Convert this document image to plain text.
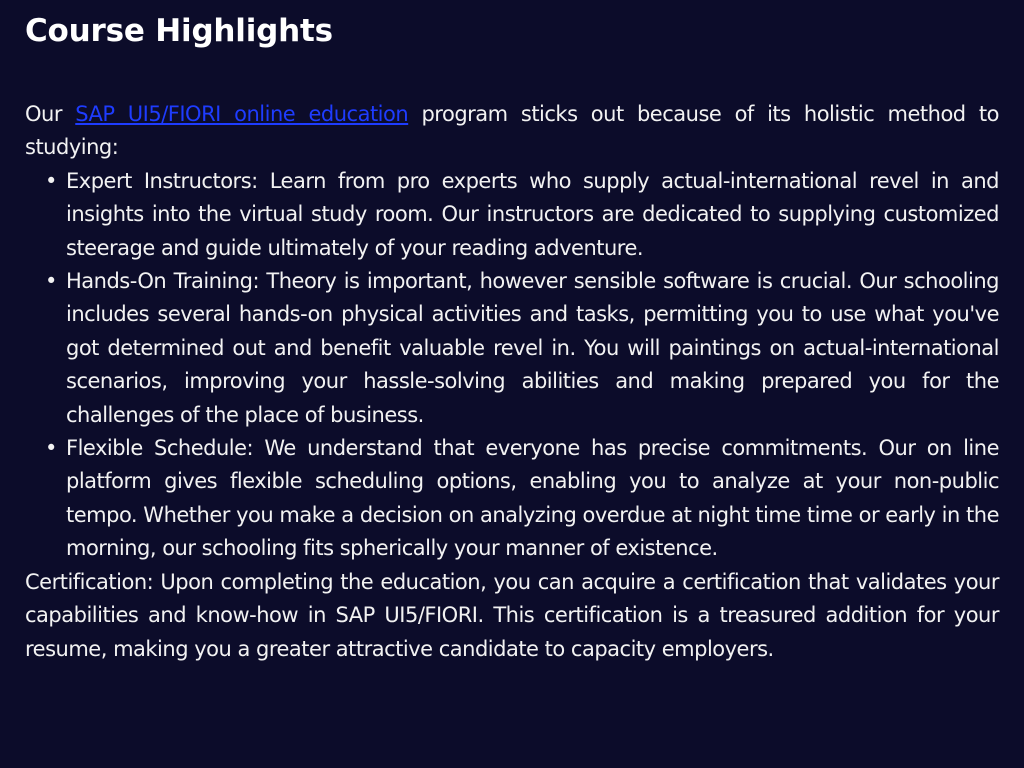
Course Highlights

Our SAP UI5/FIORI online education program sticks out because of its holistic method to studying:

• Expert Instructors: Learn from pro experts who supply actual-international revel in and insights into the virtual study room. Our instructors are dedicated to supplying customized steerage and guide ultimately of your reading adventure.
• Hands-On Training: Theory is important, however sensible software is crucial. Our schooling includes several hands-on physical activities and tasks, permitting you to use what you've got determined out and benefit valuable revel in. You will paintings on actual-international scenarios, improving your hassle-solving abilities and making prepared you for the challenges of the place of business.
• Flexible Schedule: We understand that everyone has precise commitments. Our on line platform gives flexible scheduling options, enabling you to analyze at your non-public tempo. Whether you make a decision on analyzing overdue at night time time or early in the morning, our schooling fits spherically your manner of existence.

Certification: Upon completing the education, you can acquire a certification that validates your capabilities and know-how in SAP UI5/FIORI. This certification is a treasured addition for your resume, making you a greater attractive candidate to capacity employers.
